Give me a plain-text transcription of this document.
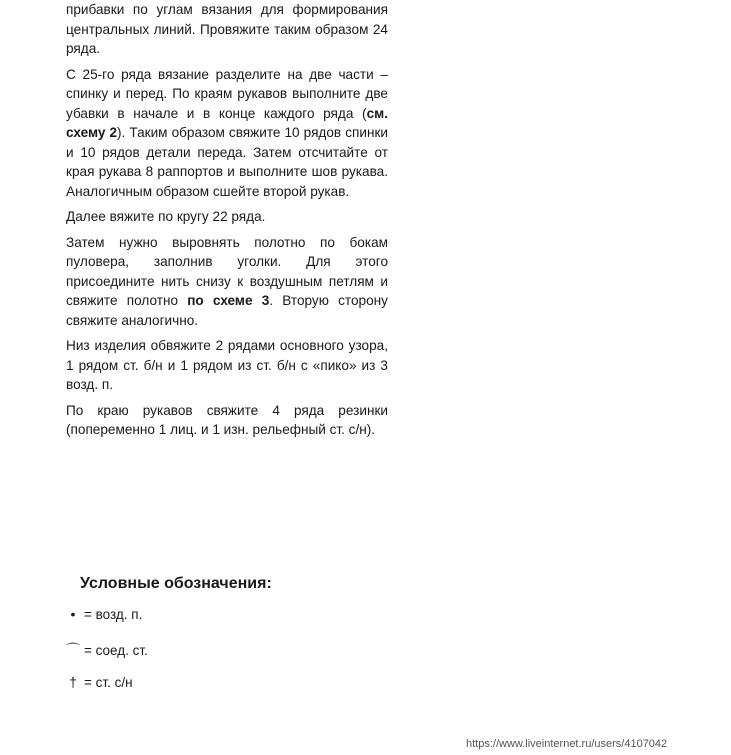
прибавки по углам вязания для формирования центральных линий. Провяжите таким образом 24 ряда.

С 25-го ряда вязание разделите на две части – спинку и перед. По краям рукавов выполните две убавки в начале и в конце каждого ряда (см. схему 2). Таким образом свяжите 10 рядов спинки и 10 рядов детали переда. Затем отсчитайте от края рукава 8 раппортов и выполните шов рукава. Аналогичным образом сшейте второй рукав.

Далее вяжите по кругу 22 ряда.

Затем нужно выровнять полотно по бокам пуловера, заполнив уголки. Для этого присоедините нить снизу к воздушным петлям и свяжите полотно по схеме 3. Вторую сторону свяжите аналогично.

Низ изделия обвяжите 2 рядами основного узора, 1 рядом ст. б/н и 1 рядом из ст. б/н с «пико» из 3 возд. п.

По краю рукавов свяжите 4 ряда резинки (попеременно 1 лиц. и 1 изн. рельефный ст. с/н).

Условные обозначения:
• = возд. п.
⌒ = соед. ст.
† = ст. с/н
https://www.liveinternet.ru/users/4107042
